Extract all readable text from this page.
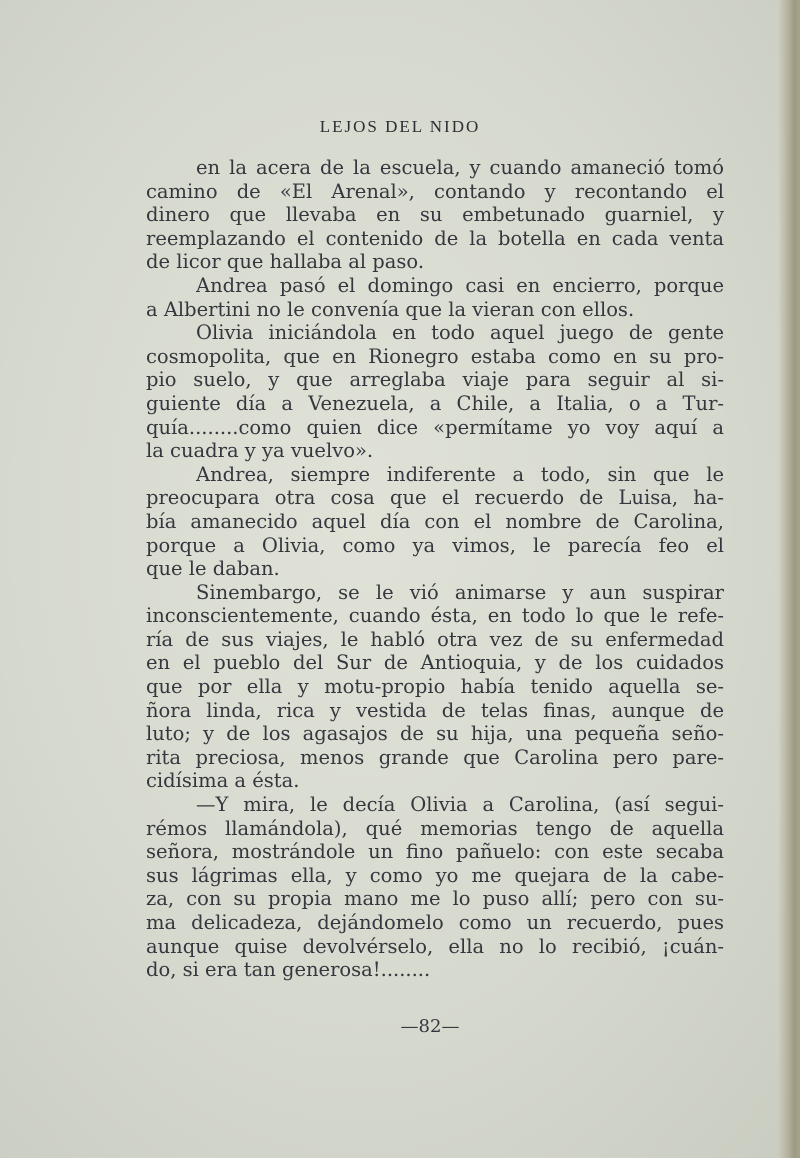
LEJOS DEL NIDO

en la acera de la escuela, y cuando amaneció tomó
camino de «El Arenal», contando y recontando el
dinero que llevaba en su embetunado guarniel, y
reemplazando el contenido de la botella en cada venta
de licor que hallaba al paso.

Andrea pasó el domingo casi en encierro, porque
a Albertini no le convenía que la vieran con ellos.

Olivia iniciándola en todo aquel juego de gente
cosmopolita, que en Rionegro estaba como en su pro-
pio suelo, y que arreglaba viaje para seguir al si-
guiente día a Venezuela, a Chile, a Italia, o a Tur-
quía........como quien dice «permítame yo voy aquí a
la cuadra y ya vuelvo».

Andrea, siempre indiferente a todo, sin que le
preocupara otra cosa que el recuerdo de Luisa, ha-
bía amanecido aquel día con el nombre de Carolina,
porque a Olivia, como ya vimos, le parecía feo el
que le daban.

Sinembargo, se le vió animarse y aun suspirar
inconscientemente, cuando ésta, en todo lo que le refe-
ría de sus viajes, le habló otra vez de su enfermedad
en el pueblo del Sur de Antioquia, y de los cuidados
que por ella y motu-propio había tenido aquella se-
ñora linda, rica y vestida de telas finas, aunque de
luto; y de los agasajos de su hija, una pequeña seño-
rita preciosa, menos grande que Carolina pero pare-
cidísima a ésta.

—Y mira, le decía Olivia a Carolina, (así segui-
rémos llamándola), qué memorias tengo de aquella
señora, mostrándole un fino pañuelo: con este secaba
sus lágrimas ella, y como yo me quejara de la cabe-
za, con su propia mano me lo puso allí; pero con su-
ma delicadeza, dejándomelo como un recuerdo, pues
aunque quise devolvérselo, ella no lo recibió, ¡cuán-
do, si era tan generosa!........

—82—
